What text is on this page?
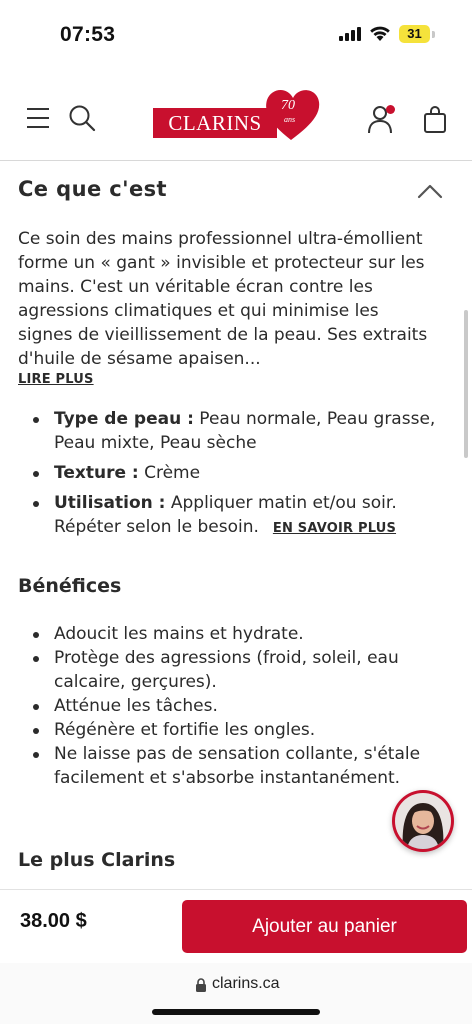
07:53	31
CLARINS
70
ans
Ce que c'est

Ce soin des mains professionnel ultra-émollient forme un « gant » invisible et protecteur sur les mains. C'est un véritable écran contre les agressions climatiques et qui minimise les signes de vieillissement de la peau. Ses extraits d'huile de sésame apaisen...

LIRE PLUS
Type de peau : Peau normale, Peau grasse, Peau mixte, Peau sèche
Texture : Crème
Utilisation : Appliquer matin et/ou soir. Répéter selon le besoin. EN SAVOIR PLUS
Bénéfices
Adoucit les mains et hydrate.
Protège des agressions (froid, soleil, eau calcaire, gerçures).
Atténue les tâches.
Régénère et fortifie les ongles.
Ne laisse pas de sensation collante, s'étale facilement et s'absorbe instantanément.
Le plus Clarins
38.00 $	Ajouter au panier
clarins.ca
